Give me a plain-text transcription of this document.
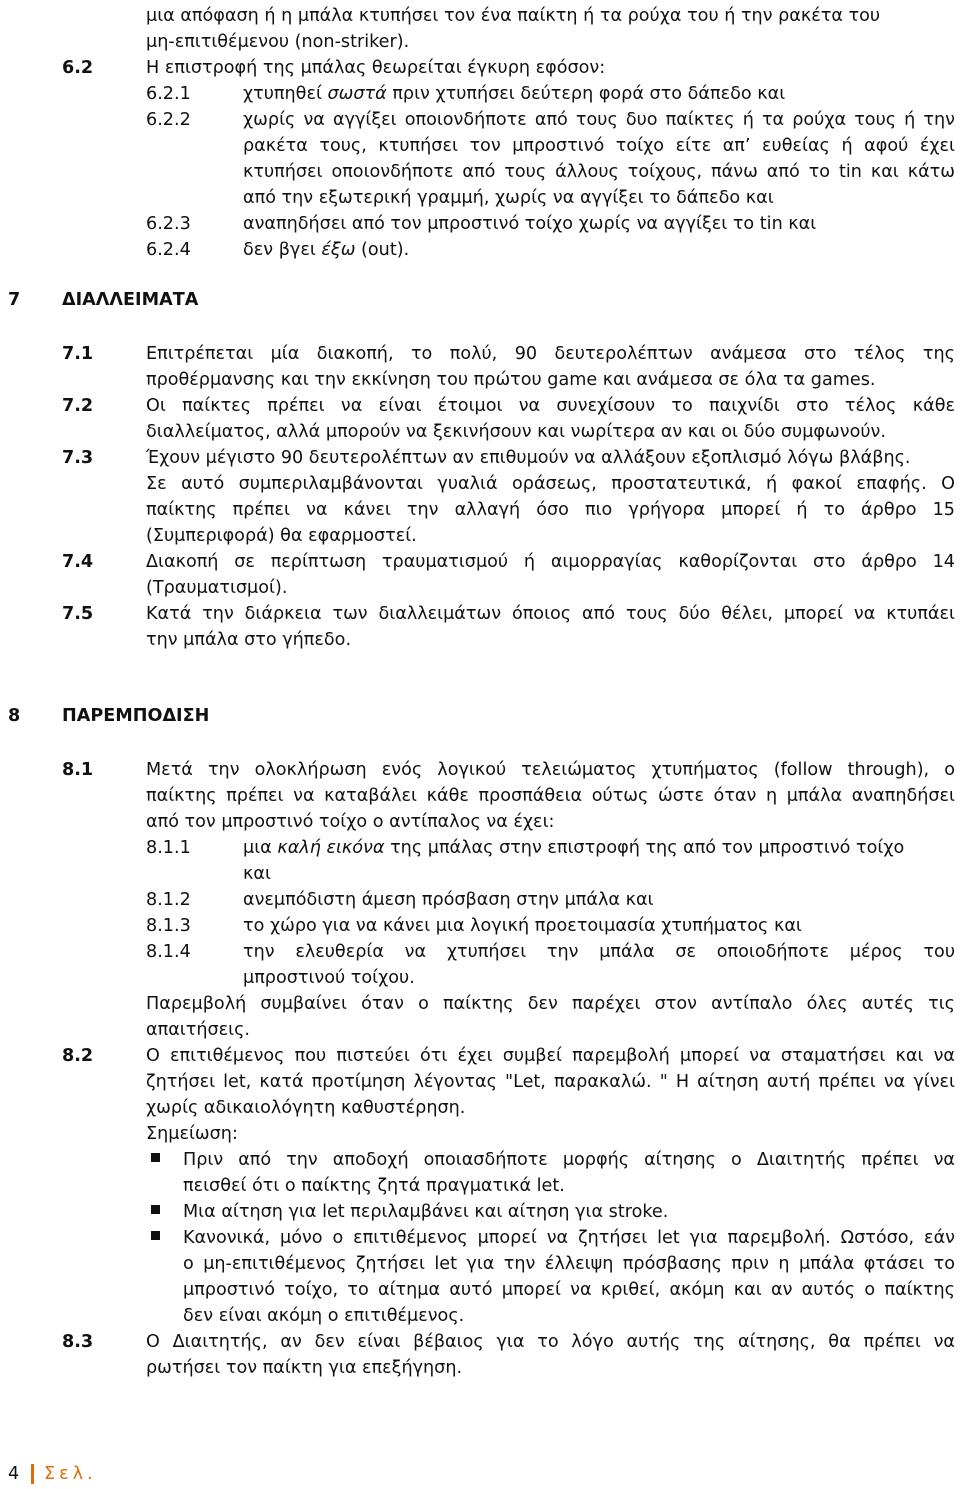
μια απόφαση ή η μπάλα κτυπήσει τον ένα παίκτη ή τα ρούχα του ή την ρακέτα του
μη-επιτιθέμενου (non-striker).
6.2	Η επιστροφή της μπάλας θεωρείται έγκυρη εφόσον:
6.2.1	χτυπηθεί σωστά πριν χτυπήσει δεύτερη φορά στο δάπεδο και
6.2.2	χωρίς να αγγίξει οποιονδήποτε από τους δυο παίκτες ή τα ρούχα τους ή την
ρακέτα τους, κτυπήσει τον μπροστινό τοίχο είτε απ’ ευθείας ή αφού έχει
κτυπήσει οποιονδήποτε από τους άλλους τοίχους, πάνω από το tin και κάτω
από την εξωτερική γραμμή, χωρίς να αγγίξει το δάπεδο και
6.2.3	αναπηδήσει από τον μπροστινό τοίχο χωρίς να αγγίξει το tin και
6.2.4	δεν βγει έξω (out).
7 ΔΙΑΛΛΕΙΜΑΤΑ
7.1	Επιτρέπεται μία διακοπή, το πολύ, 90 δευτερολέπτων ανάμεσα στο τέλος της
προθέρμανσης και την εκκίνηση του πρώτου game και ανάμεσα σε όλα τα games.
7.2	Οι παίκτες πρέπει να είναι έτοιμοι να συνεχίσουν το παιχνίδι στο τέλος κάθε
διαλλείματος, αλλά μπορούν να ξεκινήσουν και νωρίτερα αν και οι δύο συμφωνούν.
7.3	Έχουν μέγιστο 90 δευτερολέπτων αν επιθυμούν να αλλάξουν εξοπλισμό λόγω βλάβης.
Σε αυτό συμπεριλαμβάνονται γυαλιά οράσεως, προστατευτικά, ή φακοί επαφής. Ο
παίκτης πρέπει να κάνει την αλλαγή όσο πιο γρήγορα μπορεί ή το άρθρο 15
(Συμπεριφορά) θα εφαρμοστεί.
7.4	Διακοπή σε περίπτωση τραυματισμού ή αιμορραγίας καθορίζονται στο άρθρο 14
(Τραυματισμοί).
7.5	Κατά την διάρκεια των διαλλειμάτων όποιος από τους δύο θέλει, μπορεί να κτυπάει
την μπάλα στο γήπεδο.
8 ΠΑΡΕΜΠΟΔΙΣΗ
8.1	Μετά την ολοκλήρωση ενός λογικού τελειώματος χτυπήματος (follow through), ο
παίκτης πρέπει να καταβάλει κάθε προσπάθεια ούτως ώστε όταν η μπάλα αναπηδήσει
από τον μπροστινό τοίχο ο αντίπαλος να έχει:
8.1.1	μια καλή εικόνα της μπάλας στην επιστροφή της από τον μπροστινό τοίχο
και
8.1.2	ανεμπόδιστη άμεση πρόσβαση στην μπάλα και
8.1.3	το χώρο για να κάνει μια λογική προετοιμασία χτυπήματος και
8.1.4	την ελευθερία να χτυπήσει την μπάλα σε οποιοδήποτε μέρος του
μπροστινού τοίχου.
Παρεμβολή συμβαίνει όταν ο παίκτης δεν παρέχει στον αντίπαλο όλες αυτές τις
απαιτήσεις.
8.2	Ο επιτιθέμενος που πιστεύει ότι έχει συμβεί παρεμβολή μπορεί να σταματήσει και να
ζητήσει let, κατά προτίμηση λέγοντας "Let, παρακαλώ. " Η αίτηση αυτή πρέπει να γίνει
χωρίς αδικαιολόγητη καθυστέρηση.
Σημείωση:
Πριν από την αποδοχή οποιασδήποτε μορφής αίτησης ο Διαιτητής πρέπει να
πεισθεί ότι ο παίκτης ζητά πραγματικά let.
Μια αίτηση για let περιλαμβάνει και αίτηση για stroke.
Κανονικά, μόνο ο επιτιθέμενος μπορεί να ζητήσει let για παρεμβολή. Ωστόσο, εάν
ο μη-επιτιθέμενος ζητήσει let για την έλλειψη πρόσβασης πριν η μπάλα φτάσει το
μπροστινό τοίχο, το αίτημα αυτό μπορεί να κριθεί, ακόμη και αν αυτός ο παίκτης
δεν είναι ακόμη ο επιτιθέμενος.
8.3	Ο Διαιτητής, αν δεν είναι βέβαιος για το λόγο αυτής της αίτησης, θα πρέπει να
ρωτήσει τον παίκτη για επεξήγηση.
4 Σελ.
